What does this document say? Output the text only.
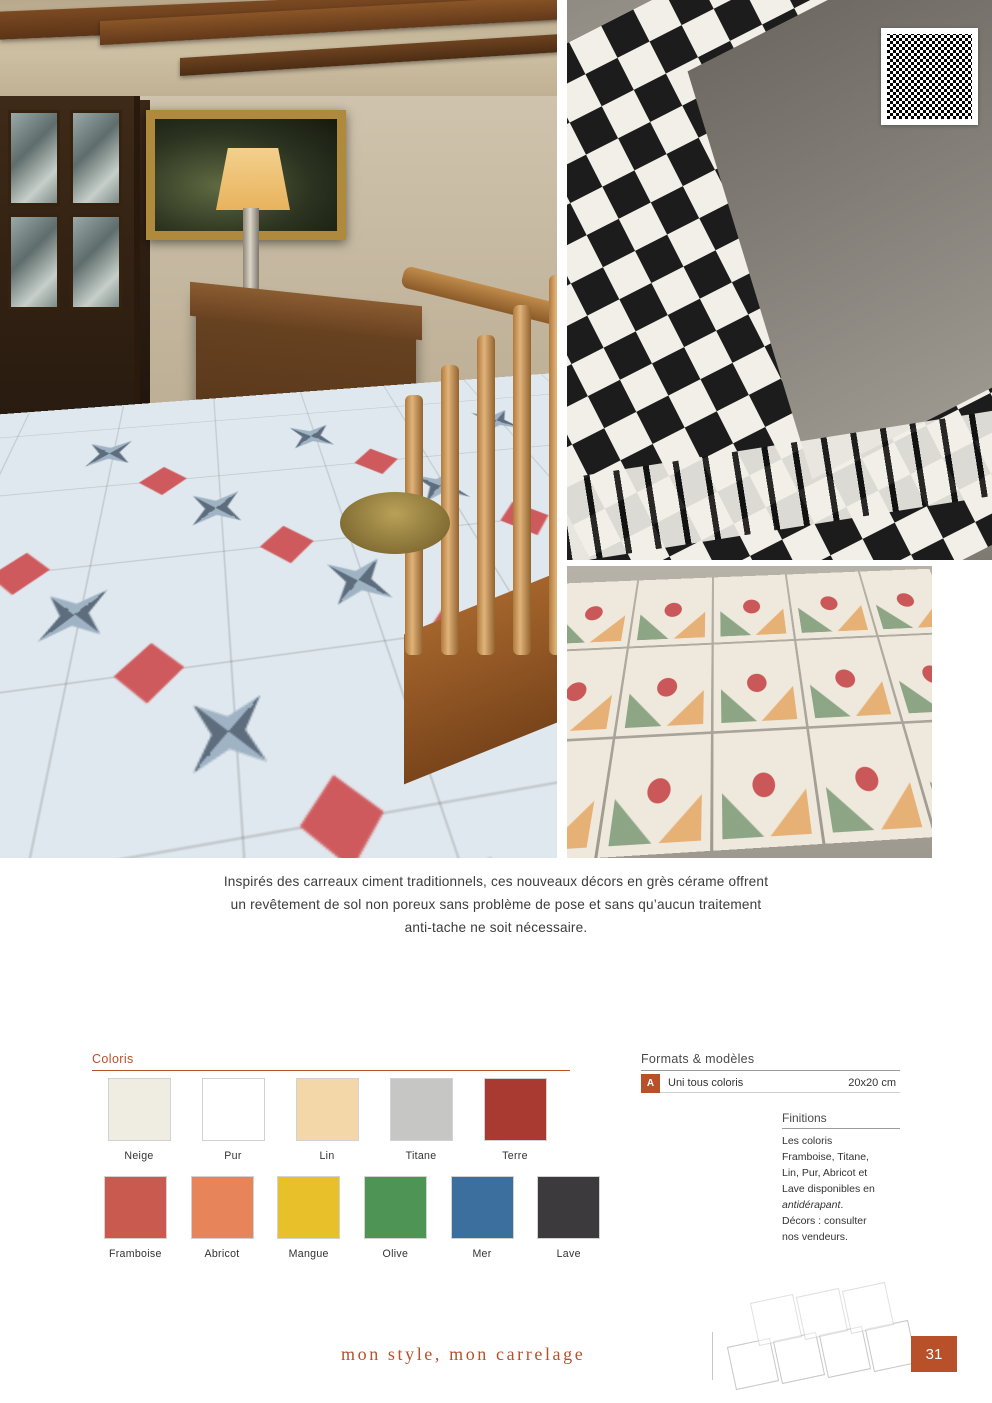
Inspirés des carreaux ciment traditionnels, ces nouveaux décors en grès cérame offrent un revêtement de sol non poreux sans problème de pose et sans qu’aucun traitement anti-tache ne soit nécessaire.

Coloris
Neige	Pur	Lin	Titane	Terre
Framboise	Abricot	Mangue	Olive	Mer	Lave
Formats & modèles
A	Uni tous coloris	20x20 cm
Finitions
Les coloris
Framboise, Titane,
Lin, Pur, Abricot et
Lave disponibles en
antidérapant.
Décors : consulter
nos vendeurs.
mon style, mon carrelage	31
